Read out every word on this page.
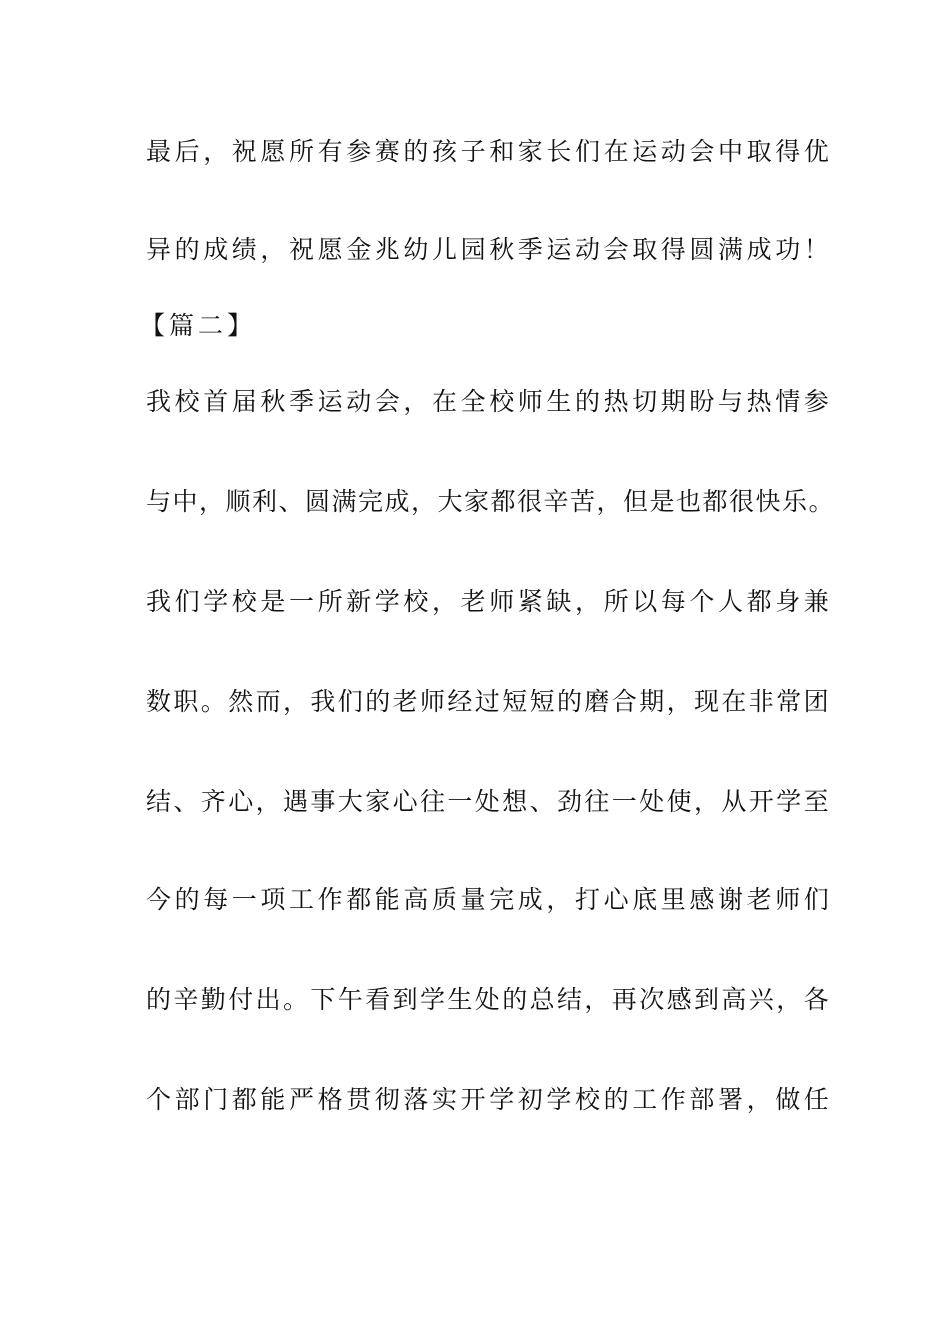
最后，祝愿所有参赛的孩子和家长们在运动会中取得优
异的成绩，祝愿金兆幼儿园秋季运动会取得圆满成功！
【篇二】
我校首届秋季运动会，在全校师生的热切期盼与热情参
与中，顺利、圆满完成，大家都很辛苦，但是也都很快乐。
我们学校是一所新学校，老师紧缺，所以每个人都身兼
数职。然而，我们的老师经过短短的磨合期，现在非常团
结、齐心，遇事大家心往一处想、劲往一处使，从开学至
今的每一项工作都能高质量完成，打心底里感谢老师们
的辛勤付出。下午看到学生处的总结，再次感到高兴，各
个部门都能严格贯彻落实开学初学校的工作部署，做任
